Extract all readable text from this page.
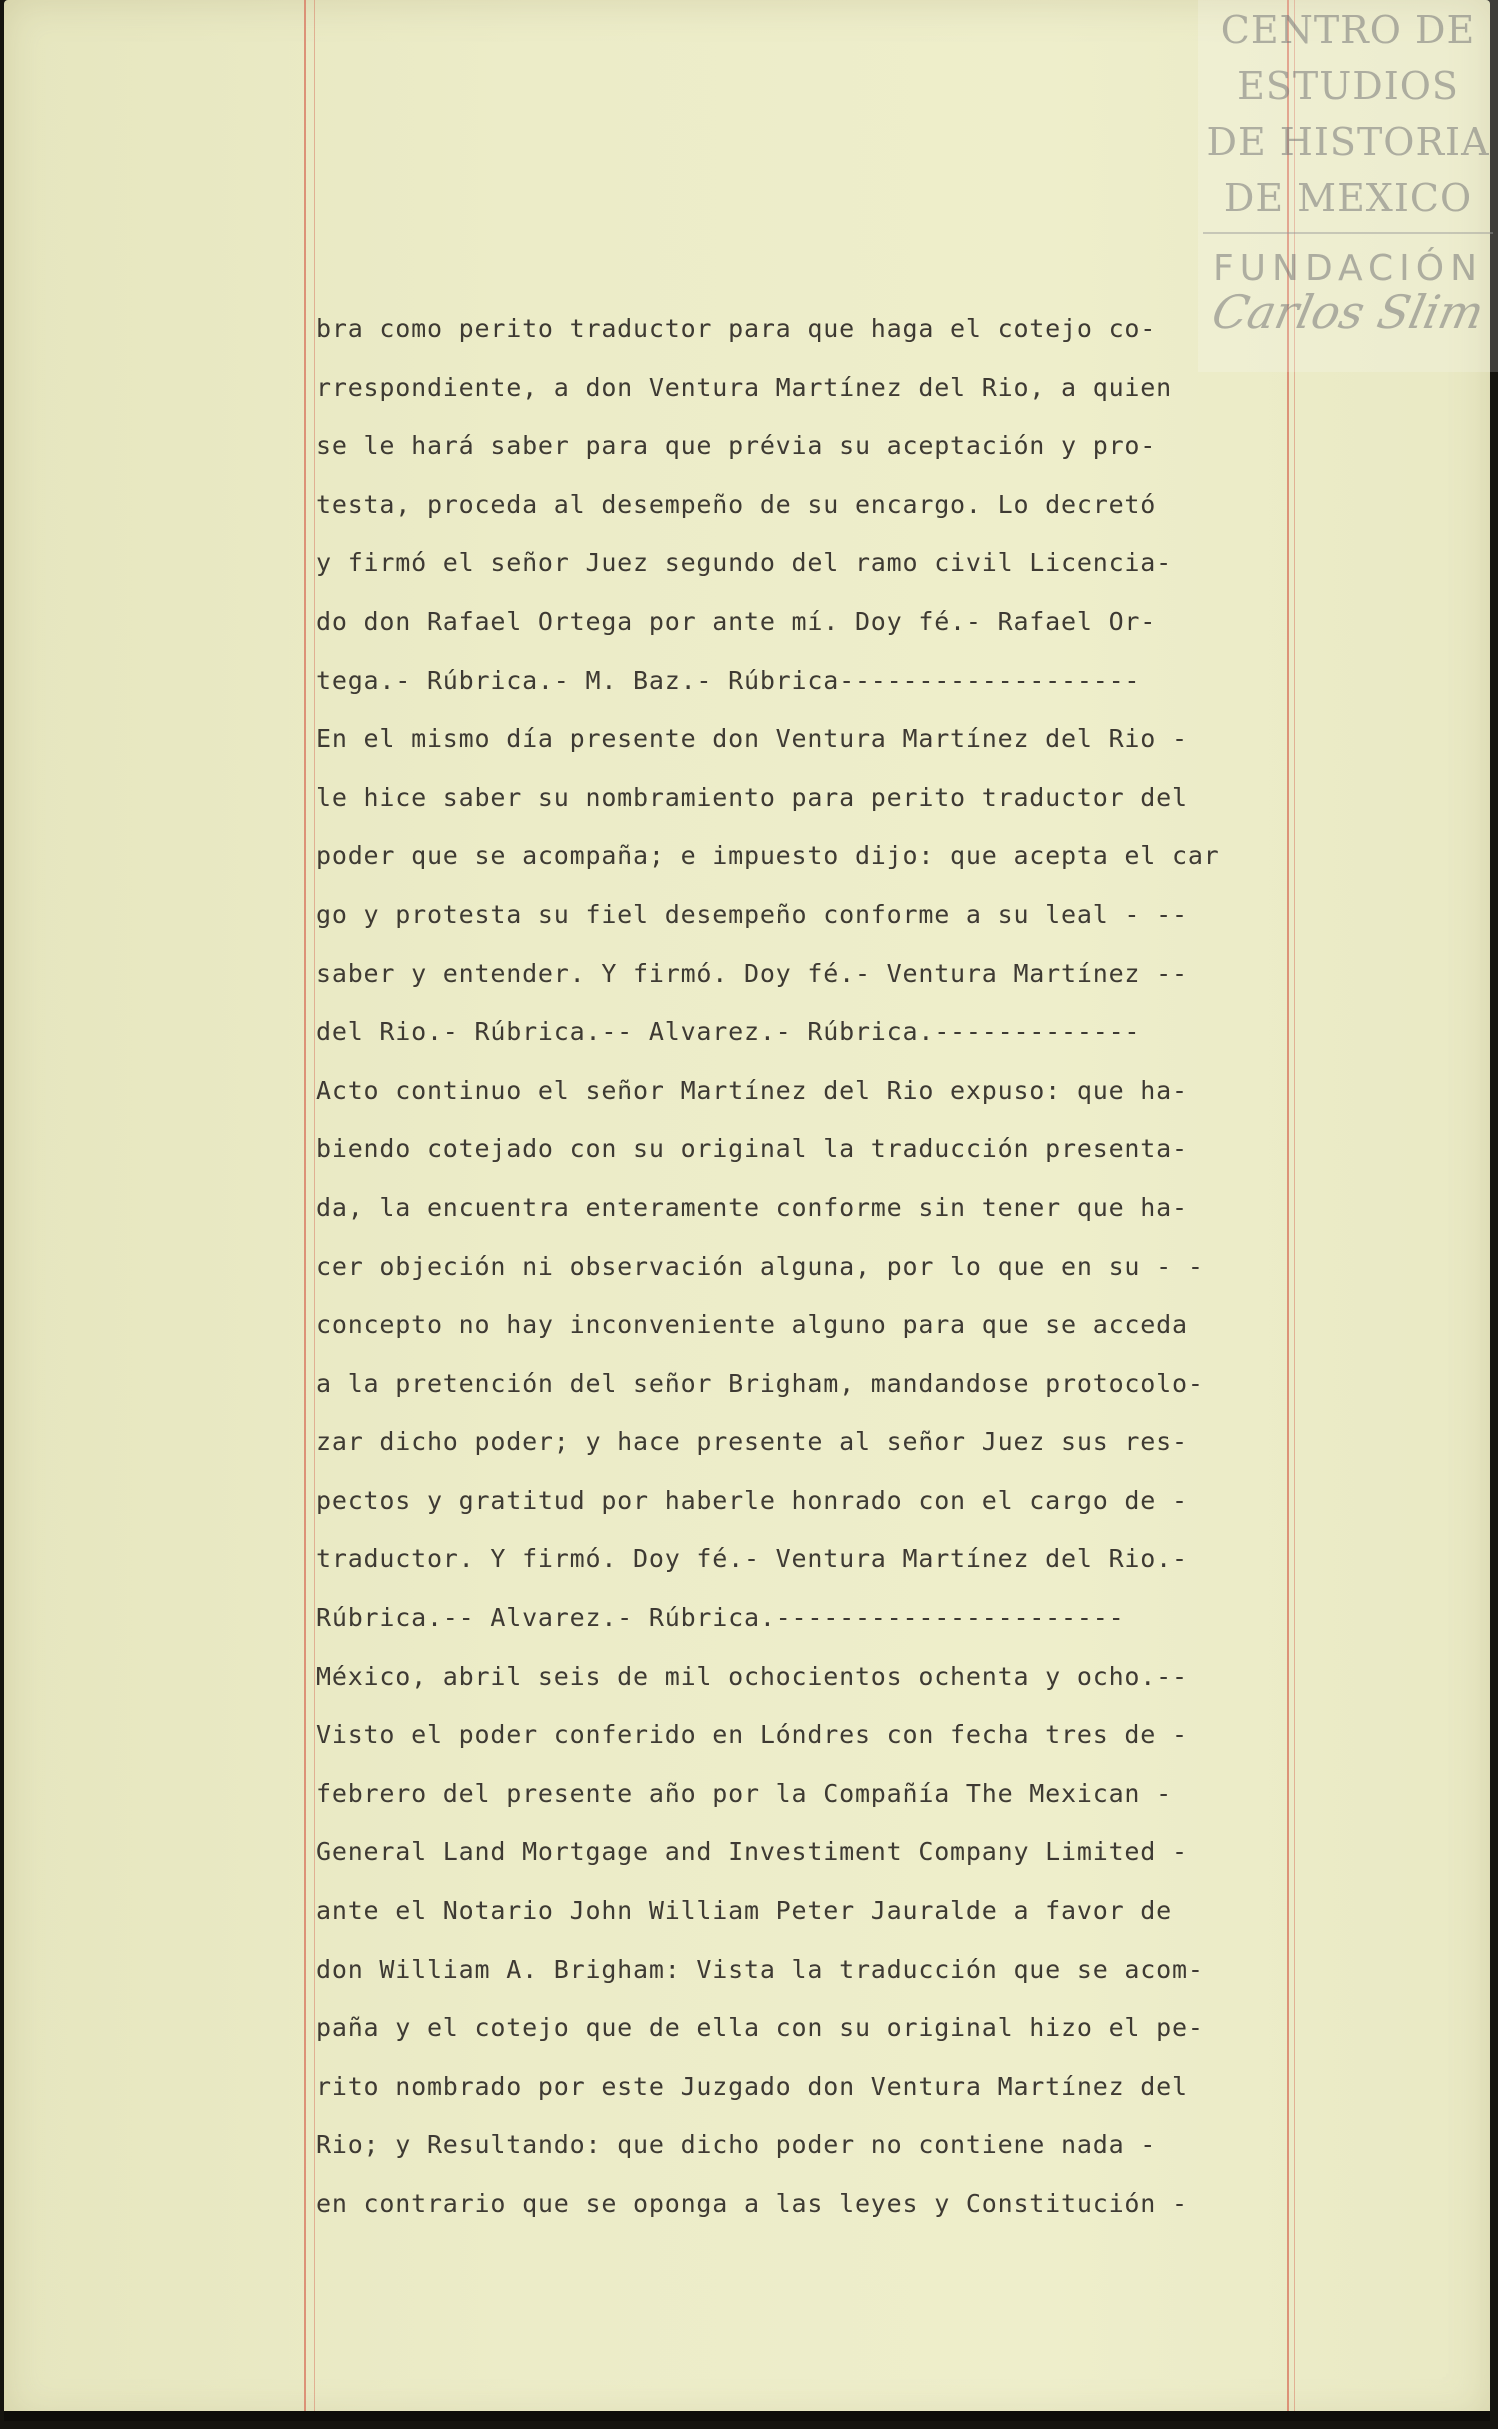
bra como perito traductor para que haga el cotejo co-
rrespondiente, a don Ventura Martínez del Rio, a quien
se le hará saber para que prévia su aceptación y pro-
testa, proceda al desempeño de su encargo. Lo decretó
y firmó el señor Juez segundo del ramo civil Licencia-
do don Rafael Ortega por ante mí. Doy fé.- Rafael Or-
tega.- Rúbrica.- M. Baz.- Rúbrica-------------------
En el mismo día presente don Ventura Martínez del Rio -
le hice saber su nombramiento para perito traductor del
poder que se acompaña; e impuesto dijo: que acepta el car
go y protesta su fiel desempeño conforme a su leal - --
saber y entender. Y firmó. Doy fé.- Ventura Martínez --
del Rio.- Rúbrica.-- Alvarez.- Rúbrica.-------------
Acto continuo el señor Martínez del Rio expuso: que ha-
biendo cotejado con su original la traducción presenta-
da, la encuentra enteramente conforme sin tener que ha-
cer objeción ni observación alguna, por lo que en su - -
concepto no hay inconveniente alguno para que se acceda
a la pretención del señor Brigham, mandandose protocolo-
zar dicho poder; y hace presente al señor Juez sus res-
pectos y gratitud por haberle honrado con el cargo de -
traductor. Y firmó. Doy fé.- Ventura Martínez del Rio.-
Rúbrica.-- Alvarez.- Rúbrica.----------------------
México, abril seis de mil ochocientos ochenta y ocho.--
Visto el poder conferido en Lóndres con fecha tres de -
febrero del presente año por la Compañía The Mexican -
General Land Mortgage and Investiment Company Limited -
ante el Notario John William Peter Jauralde a favor de
don William A. Brigham: Vista la traducción que se acom-
paña y el cotejo que de ella con su original hizo el pe-
rito nombrado por este Juzgado don Ventura Martínez del
Rio; y Resultando: que dicho poder no contiene nada -
en contrario que se oponga a las leyes y Constitución -
CENTRO DE
ESTUDIOS
DE HISTORIA
DE MEXICO
FUNDACIÓN
Carlos Slim
